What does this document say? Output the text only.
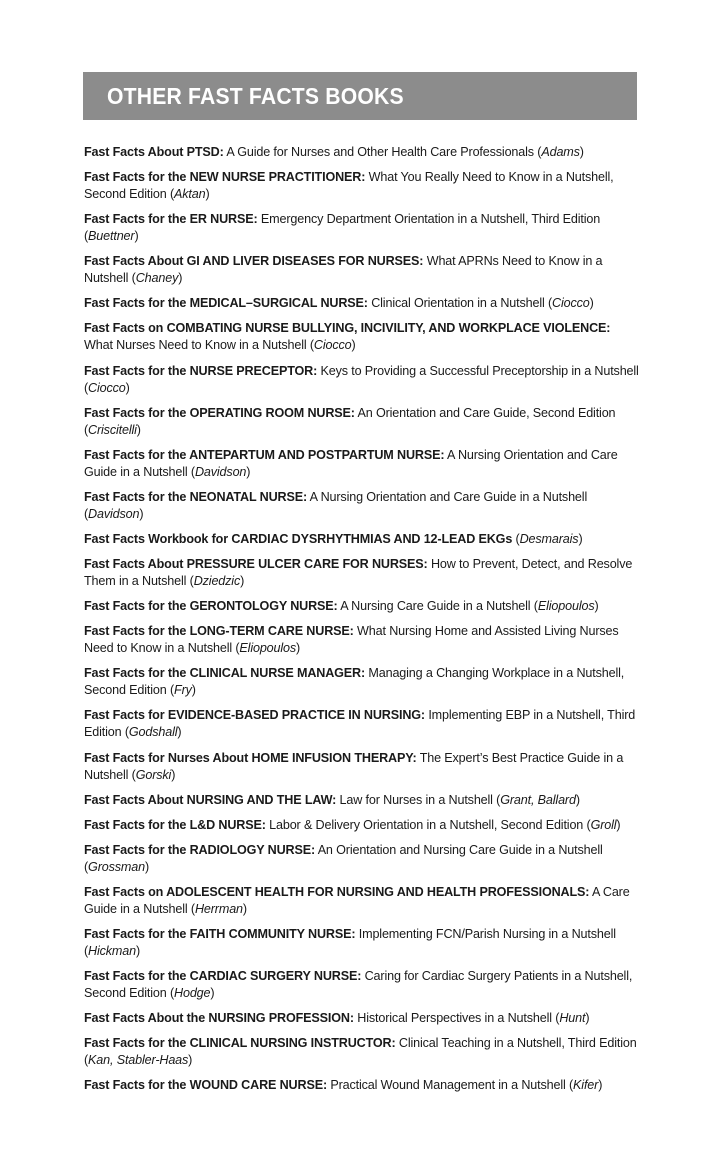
OTHER FAST FACTS BOOKS
Fast Facts About PTSD: A Guide for Nurses and Other Health Care Professionals (Adams)
Fast Facts for the NEW NURSE PRACTITIONER: What You Really Need to Know in a Nutshell, Second Edition (Aktan)
Fast Facts for the ER NURSE: Emergency Department Orientation in a Nutshell, Third Edition (Buettner)
Fast Facts About GI AND LIVER DISEASES FOR NURSES: What APRNs Need to Know in a Nutshell (Chaney)
Fast Facts for the MEDICAL–SURGICAL NURSE: Clinical Orientation in a Nutshell (Ciocco)
Fast Facts on COMBATING NURSE BULLYING, INCIVILITY, AND WORKPLACE VIOLENCE: What Nurses Need to Know in a Nutshell (Ciocco)
Fast Facts for the NURSE PRECEPTOR: Keys to Providing a Successful Preceptorship in a Nutshell (Ciocco)
Fast Facts for the OPERATING ROOM NURSE: An Orientation and Care Guide, Second Edition (Criscitelli)
Fast Facts for the ANTEPARTUM AND POSTPARTUM NURSE: A Nursing Orientation and Care Guide in a Nutshell (Davidson)
Fast Facts for the NEONATAL NURSE: A Nursing Orientation and Care Guide in a Nutshell (Davidson)
Fast Facts Workbook for CARDIAC DYSRHYTHMIAS AND 12-LEAD EKGs (Desmarais)
Fast Facts About PRESSURE ULCER CARE FOR NURSES: How to Prevent, Detect, and Resolve Them in a Nutshell (Dziedzic)
Fast Facts for the GERONTOLOGY NURSE: A Nursing Care Guide in a Nutshell (Eliopoulos)
Fast Facts for the LONG-TERM CARE NURSE: What Nursing Home and Assisted Living Nurses Need to Know in a Nutshell (Eliopoulos)
Fast Facts for the CLINICAL NURSE MANAGER: Managing a Changing Workplace in a Nutshell, Second Edition (Fry)
Fast Facts for EVIDENCE-BASED PRACTICE IN NURSING: Implementing EBP in a Nutshell, Third Edition (Godshall)
Fast Facts for Nurses About HOME INFUSION THERAPY: The Expert’s Best Practice Guide in a Nutshell (Gorski)
Fast Facts About NURSING AND THE LAW: Law for Nurses in a Nutshell (Grant, Ballard)
Fast Facts for the L&D NURSE: Labor & Delivery Orientation in a Nutshell, Second Edition (Groll)
Fast Facts for the RADIOLOGY NURSE: An Orientation and Nursing Care Guide in a Nutshell (Grossman)
Fast Facts on ADOLESCENT HEALTH FOR NURSING AND HEALTH PROFESSIONALS: A Care Guide in a Nutshell (Herrman)
Fast Facts for the FAITH COMMUNITY NURSE: Implementing FCN/Parish Nursing in a Nutshell (Hickman)
Fast Facts for the CARDIAC SURGERY NURSE: Caring for Cardiac Surgery Patients in a Nutshell, Second Edition (Hodge)
Fast Facts About the NURSING PROFESSION: Historical Perspectives in a Nutshell (Hunt)
Fast Facts for the CLINICAL NURSING INSTRUCTOR: Clinical Teaching in a Nutshell, Third Edition (Kan, Stabler-Haas)
Fast Facts for the WOUND CARE NURSE: Practical Wound Management in a Nutshell (Kifer)
